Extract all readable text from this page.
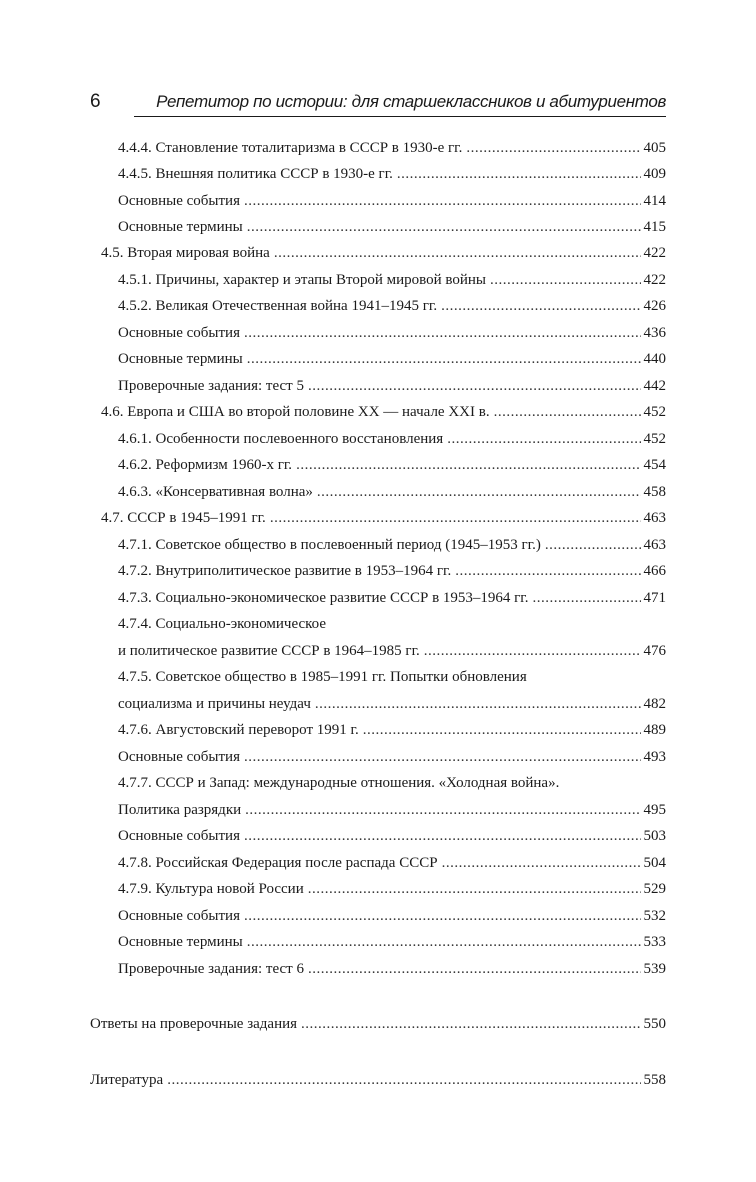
6	Репетитор по истории: для старшеклассников и абитуриентов
4.4.4. Становление тоталитаризма в СССР в 1930-е гг. .....	405
4.4.5. Внешняя политика СССР в 1930-е гг. .....	409
Основные события .....	414
Основные термины .....	415
4.5. Вторая мировая война .....	422
4.5.1. Причины, характер и этапы Второй мировой войны .....	422
4.5.2. Великая Отечественная война 1941–1945 гг. .....	426
Основные события .....	436
Основные термины .....	440
Проверочные задания: тест 5 .....	442
4.6. Европа и США во второй половине XX — начале XXI в. .....	452
4.6.1. Особенности послевоенного восстановления .....	452
4.6.2. Реформизм 1960-х гг. .....	454
4.6.3. «Консервативная волна» .....	458
4.7. СССР в 1945–1991 гг. .....	463
4.7.1. Советское общество в послевоенный период (1945–1953 гг.) .....	463
4.7.2. Внутриполитическое развитие в 1953–1964 гг. .....	466
4.7.3. Социально-экономическое развитие СССР в 1953–1964 гг. .....	471
4.7.4. Социально-экономическое
и политическое развитие СССР в 1964–1985 гг. .....	476
4.7.5. Советское общество в 1985–1991 гг. Попытки обновления
социализма и причины неудач .....	482
4.7.6. Августовский переворот 1991 г. .....	489
Основные события .....	493
4.7.7. СССР и Запад: международные отношения. «Холодная война».
Политика разрядки .....	495
Основные события .....	503
4.7.8. Российская Федерация после распада СССР .....	504
4.7.9. Культура новой России .....	529
Основные события .....	532
Основные термины .....	533
Проверочные задания: тест 6 .....	539
Ответы на проверочные задания .....	550
Литература .....	558
